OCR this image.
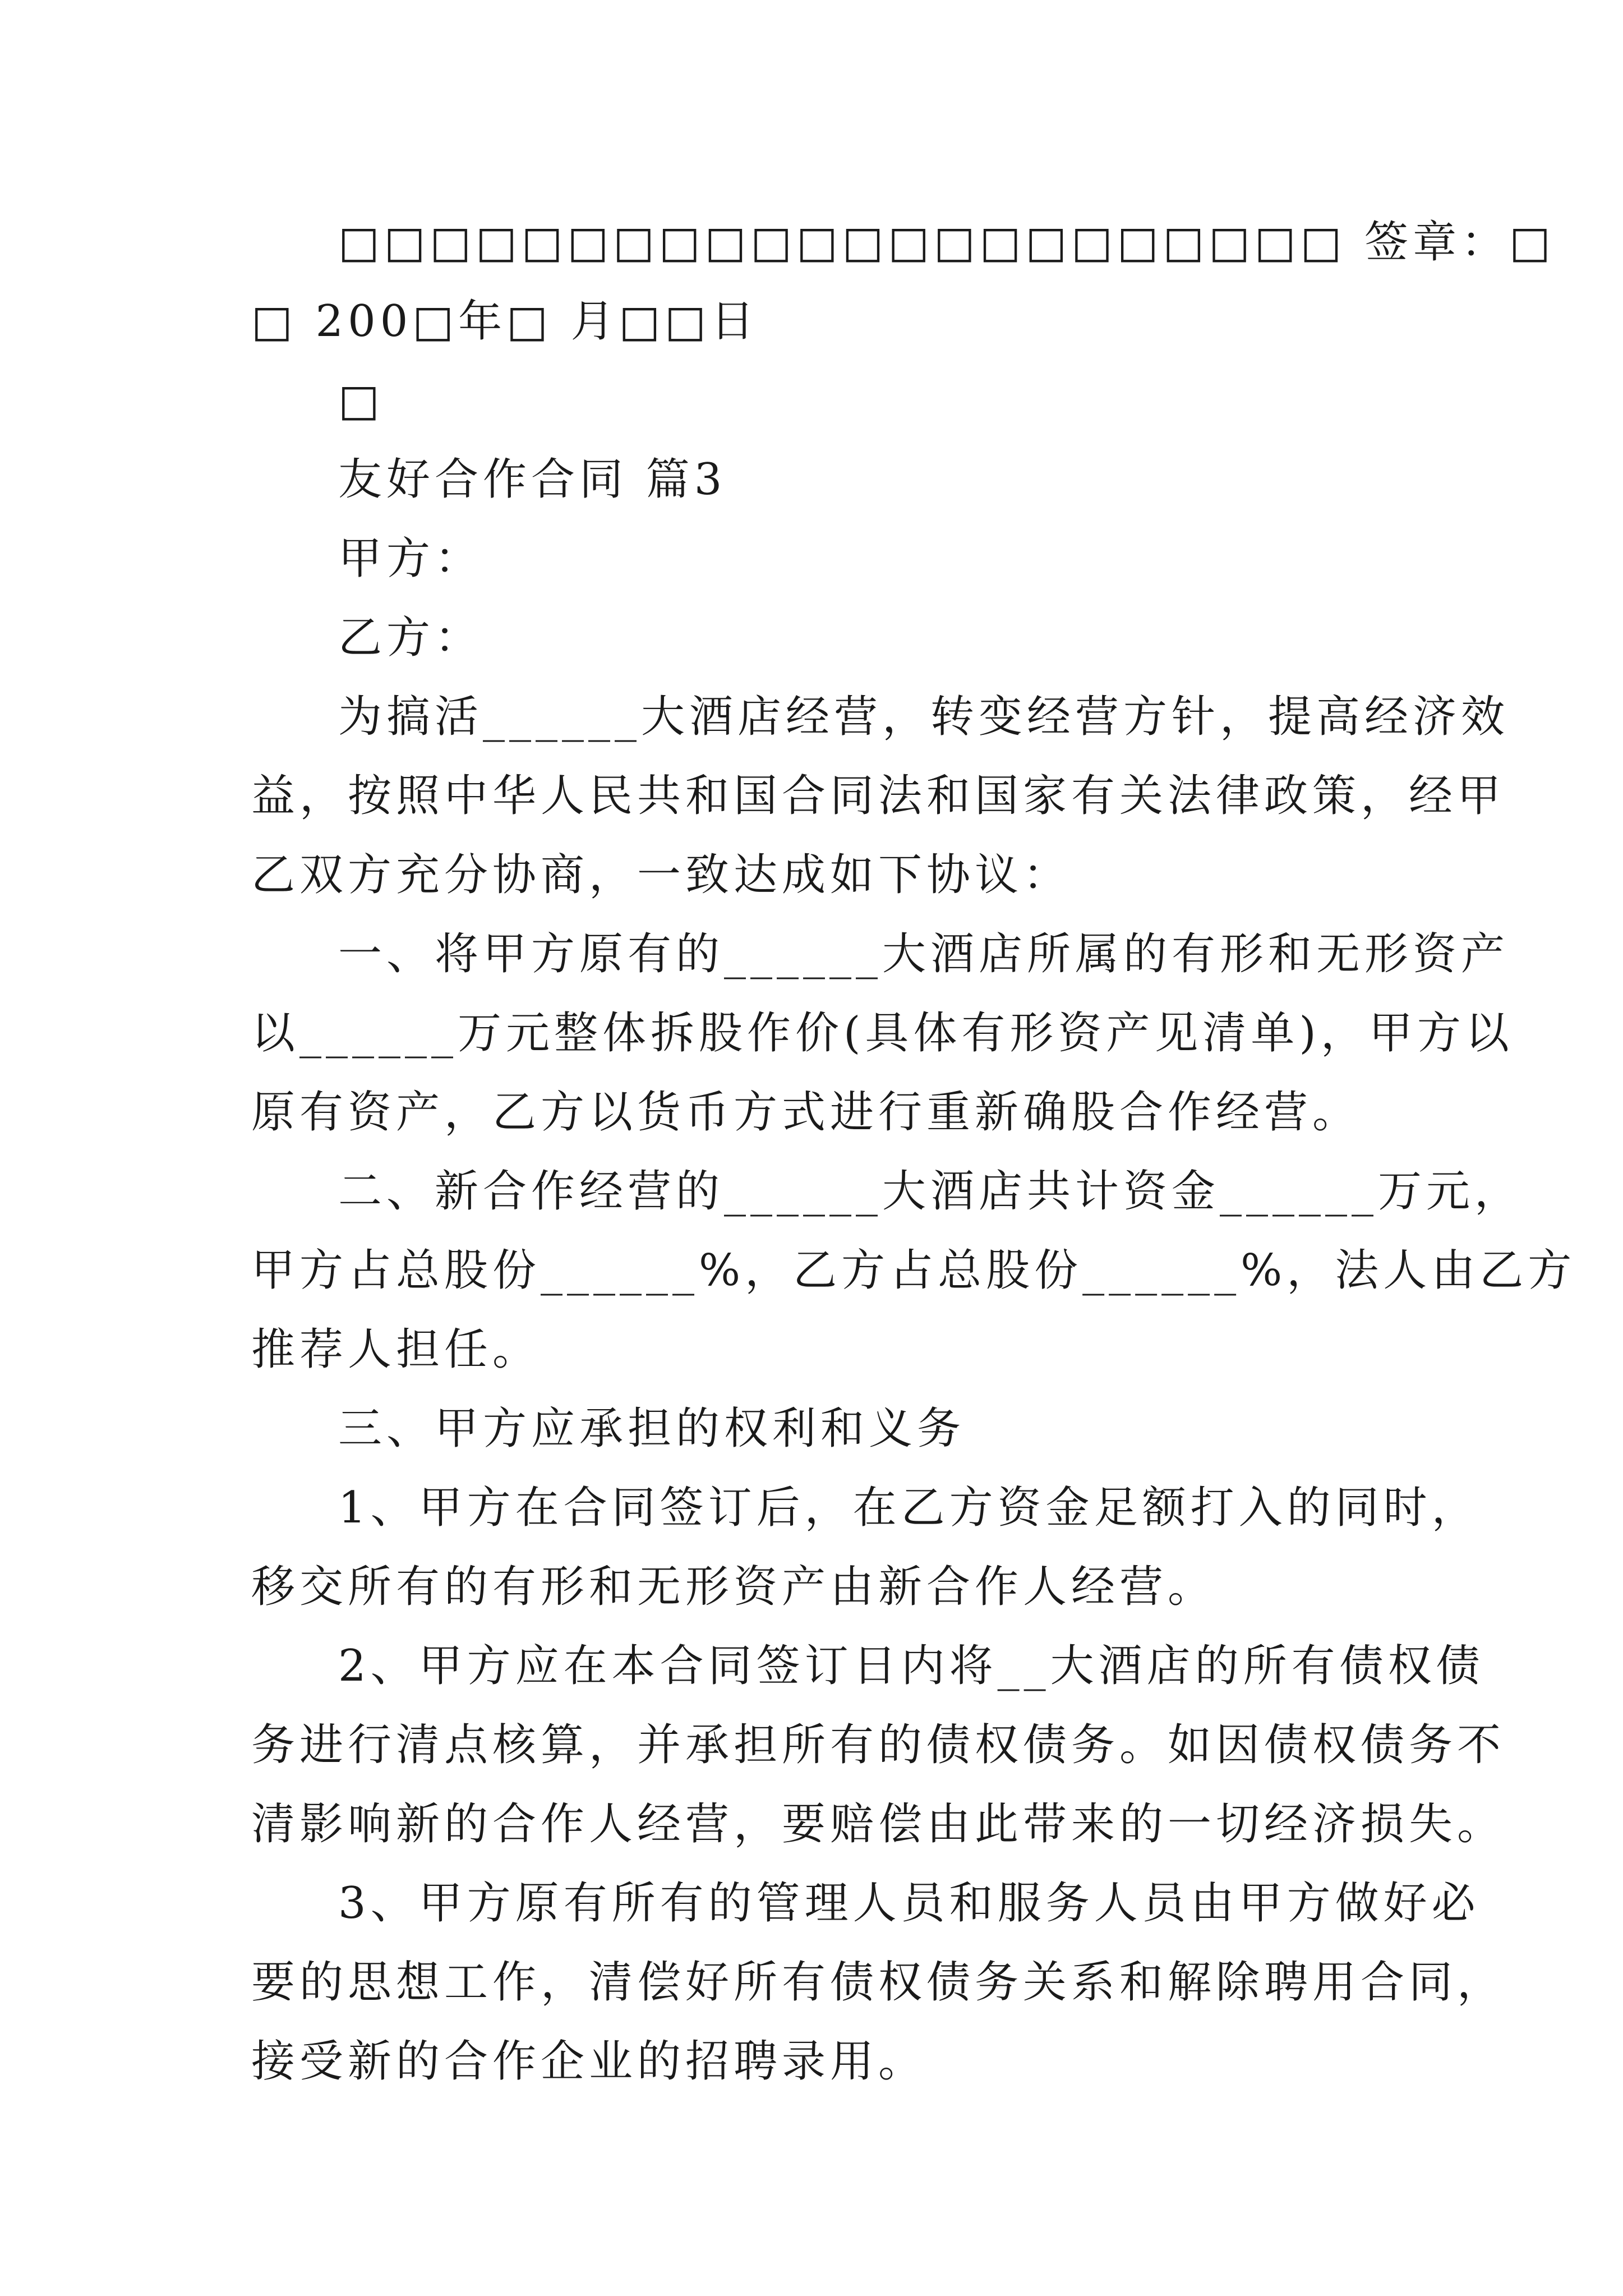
□□□□□□□□□□□□□□□□□□□□□□ 签章：□
□ 200□年□ 月□□日
□
友好合作合同 篇3
甲方：
乙方：
为搞活______大酒店经营，转变经营方针，提高经济效
益，按照中华人民共和国合同法和国家有关法律政策，经甲
乙双方充分协商，一致达成如下协议：
一、将甲方原有的______大酒店所属的有形和无形资产
以______万元整体拆股作价(具体有形资产见清单)，甲方以
原有资产，乙方以货币方式进行重新确股合作经营。
二、新合作经营的______大酒店共计资金______万元，
甲方占总股份______%，乙方占总股份______%，法人由乙方
推荐人担任。
三、甲方应承担的权利和义务
1、甲方在合同签订后，在乙方资金足额打入的同时，
移交所有的有形和无形资产由新合作人经营。
2、甲方应在本合同签订日内将__大酒店的所有债权债
务进行清点核算，并承担所有的债权债务。如因债权债务不
清影响新的合作人经营，要赔偿由此带来的一切经济损失。
3、甲方原有所有的管理人员和服务人员由甲方做好必
要的思想工作，清偿好所有债权债务关系和解除聘用合同，
接受新的合作企业的招聘录用。
